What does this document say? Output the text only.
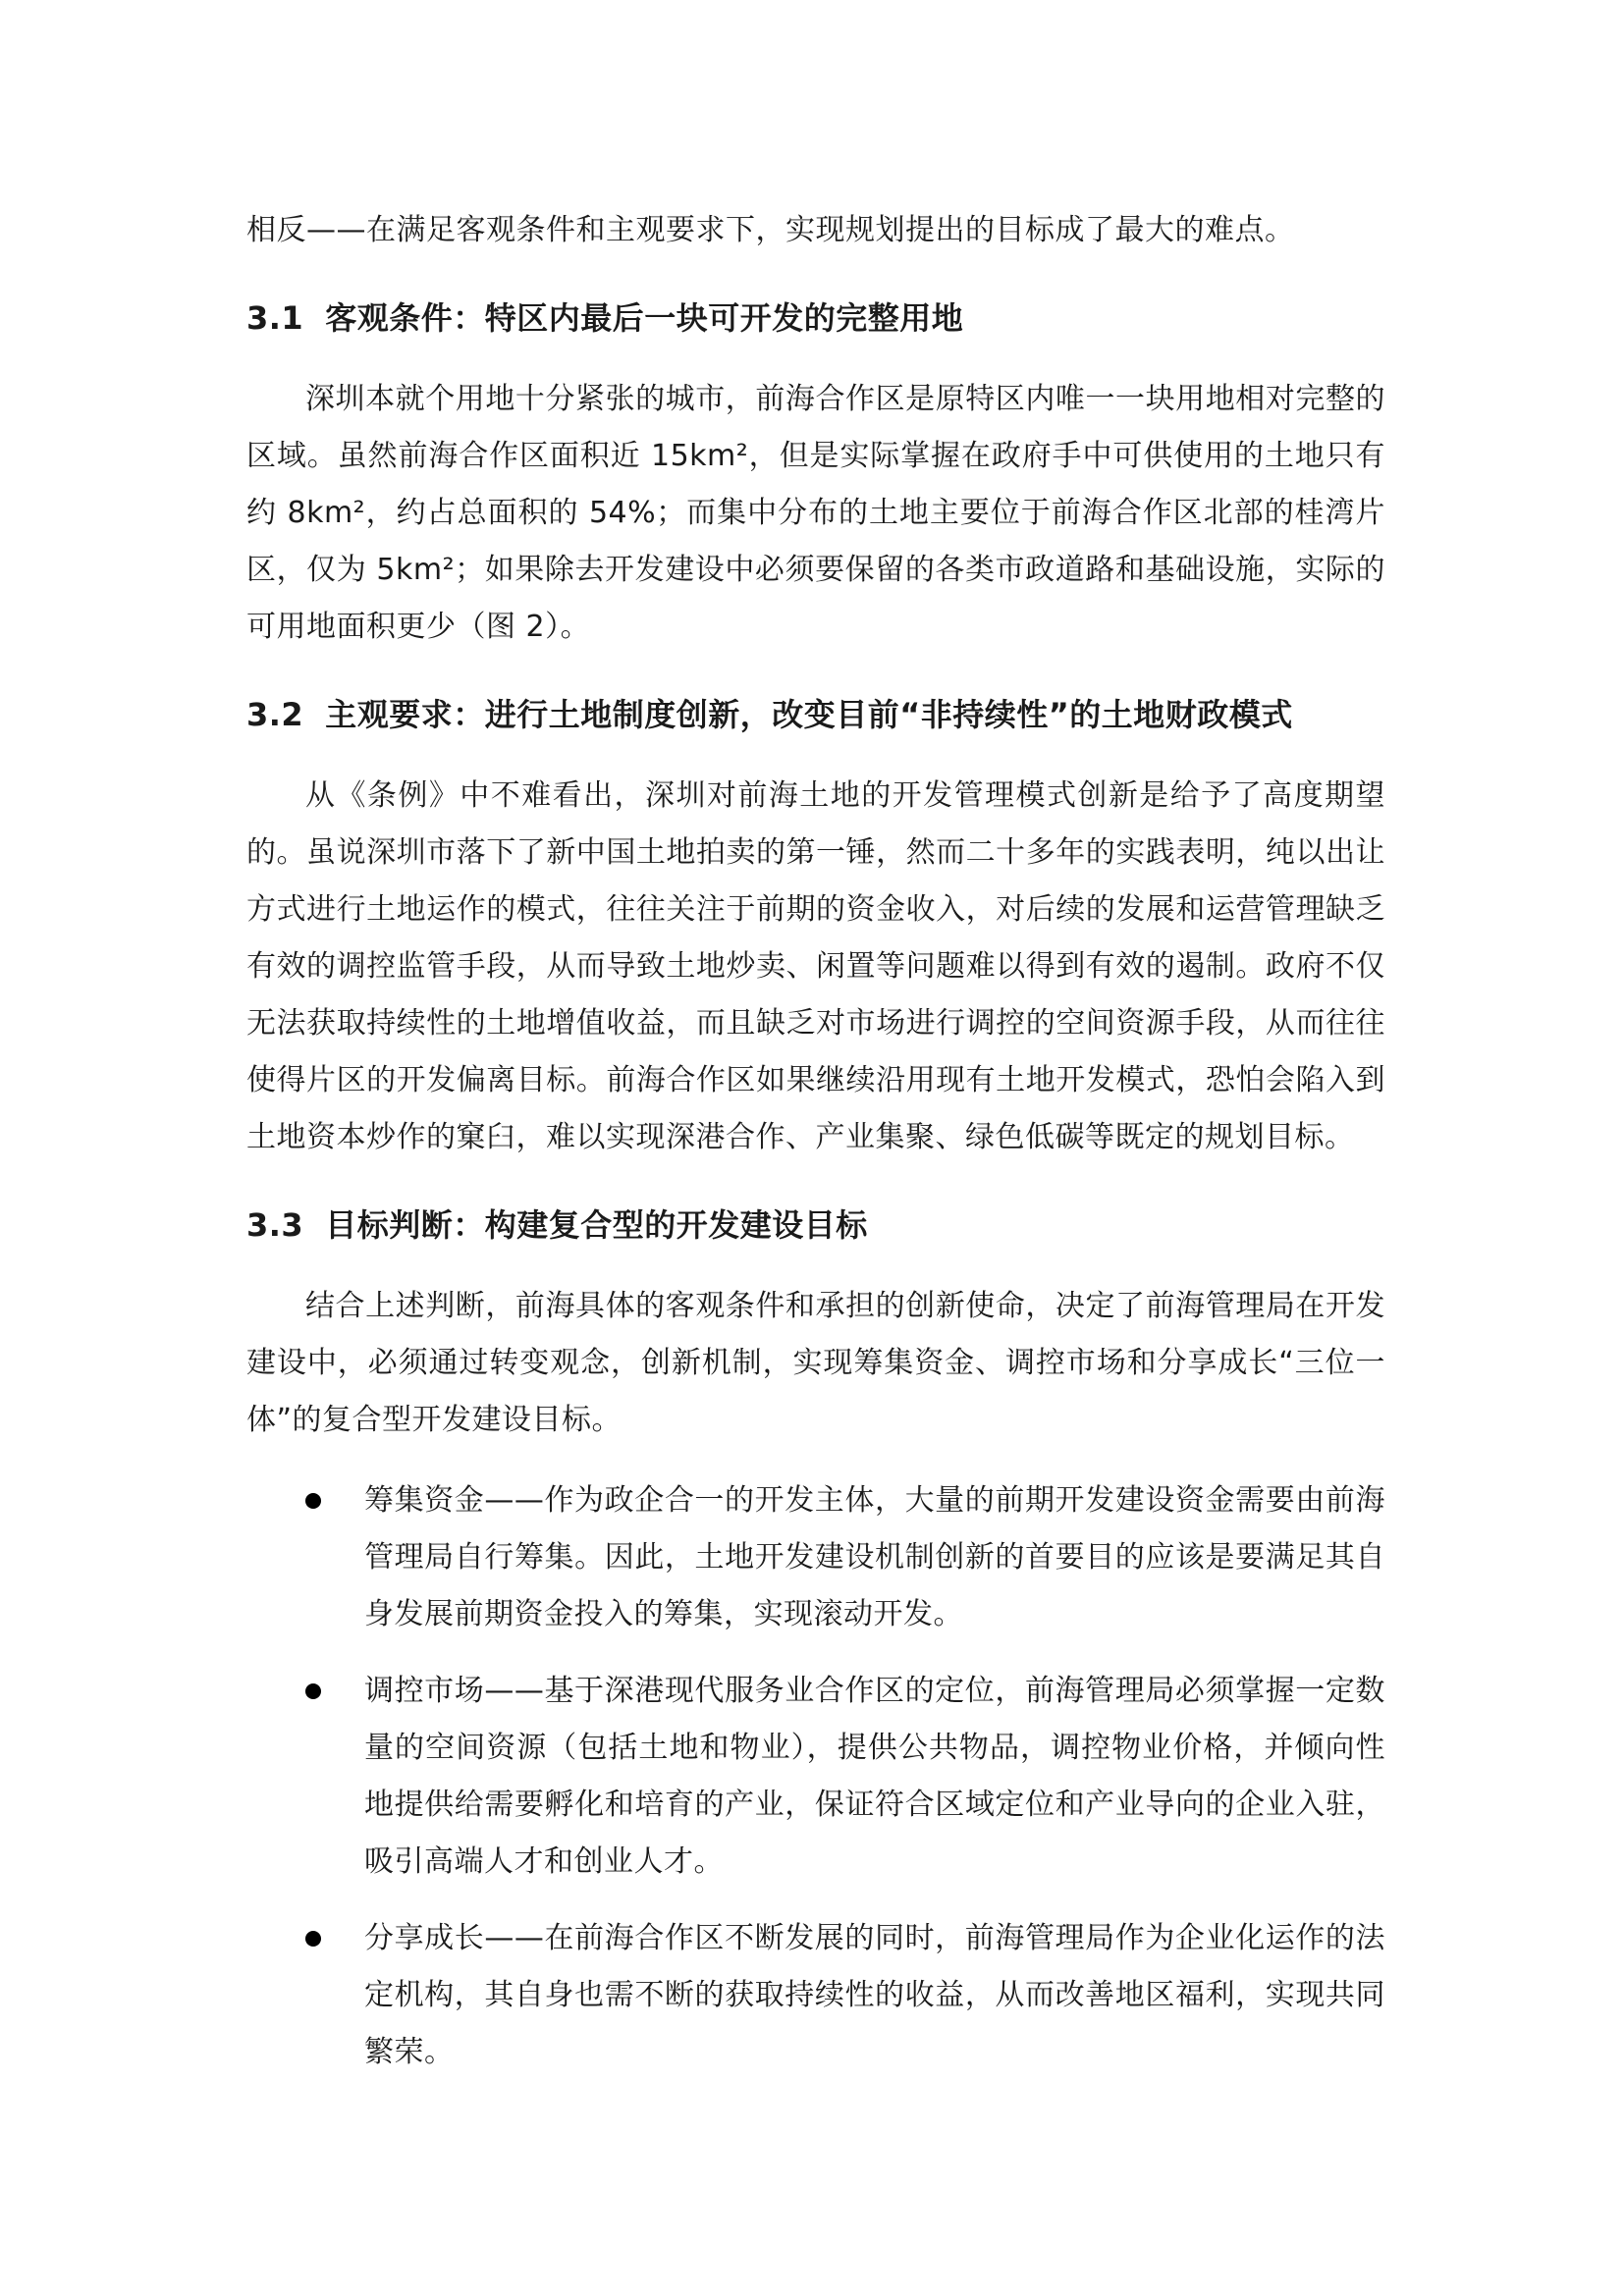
相反——在满足客观条件和主观要求下，实现规划提出的目标成了最大的难点。

3.1 客观条件：特区内最后一块可开发的完整用地

深圳本就个用地十分紧张的城市，前海合作区是原特区内唯一一块用地相对完整的区域。虽然前海合作区面积近 15km²，但是实际掌握在政府手中可供使用的土地只有约 8km²，约占总面积的 54%；而集中分布的土地主要位于前海合作区北部的桂湾片区，仅为 5km²；如果除去开发建设中必须要保留的各类市政道路和基础设施，实际的可用地面积更少（图 2）。

3.2 主观要求：进行土地制度创新，改变目前“非持续性”的土地财政模式

从《条例》中不难看出，深圳对前海土地的开发管理模式创新是给予了高度期望的。虽说深圳市落下了新中国土地拍卖的第一锤，然而二十多年的实践表明，纯以出让方式进行土地运作的模式，往往关注于前期的资金收入，对后续的发展和运营管理缺乏有效的调控监管手段，从而导致土地炒卖、闲置等问题难以得到有效的遏制。政府不仅无法获取持续性的土地增值收益，而且缺乏对市场进行调控的空间资源手段，从而往往使得片区的开发偏离目标。前海合作区如果继续沿用现有土地开发模式，恐怕会陷入到土地资本炒作的窠臼，难以实现深港合作、产业集聚、绿色低碳等既定的规划目标。

3.3 目标判断：构建复合型的开发建设目标

结合上述判断，前海具体的客观条件和承担的创新使命，决定了前海管理局在开发建设中，必须通过转变观念，创新机制，实现筹集资金、调控市场和分享成长“三位一体”的复合型开发建设目标。

筹集资金——作为政企合一的开发主体，大量的前期开发建设资金需要由前海管理局自行筹集。因此，土地开发建设机制创新的首要目的应该是要满足其自身发展前期资金投入的筹集，实现滚动开发。
调控市场——基于深港现代服务业合作区的定位，前海管理局必须掌握一定数量的空间资源（包括土地和物业），提供公共物品，调控物业价格，并倾向性地提供给需要孵化和培育的产业，保证符合区域定位和产业导向的企业入驻，吸引高端人才和创业人才。
分享成长——在前海合作区不断发展的同时，前海管理局作为企业化运作的法定机构，其自身也需不断的获取持续性的收益，从而改善地区福利，实现共同繁荣。
